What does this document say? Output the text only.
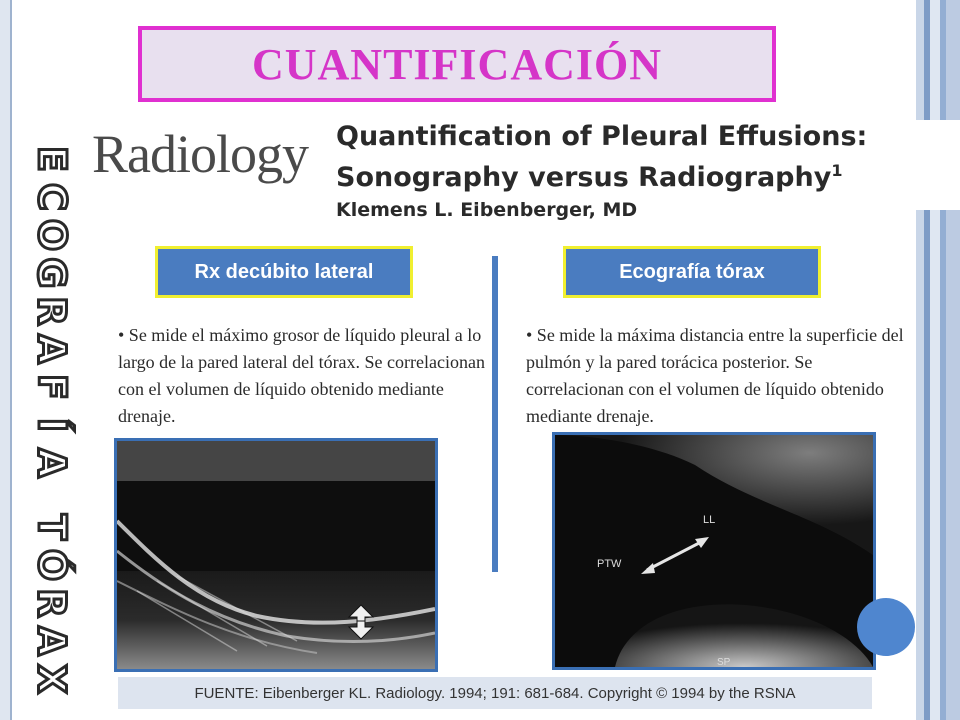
E
C
O
G
R
A
F
Í
A
T
Ó
R
A
X
CUANTIFICACIÓN
Radiology Quantification of Pleural Effusions:
Sonography versus Radiography$^1$
Klemens L. Eibenberger, MD
Rx decúbito lateral	Ecografía tórax
• Se mide el máximo grosor de líquido pleural a lo largo de la pared lateral del tórax. Se correlacionan con el volumen de líquido obtenido mediante drenaje.
• Se mide la máxima distancia entre la superficie del pulmón y la pared torácica posterior. Se correlacionan con el volumen de líquido obtenido mediante drenaje.
LL
PTW
SP
FUENTE: Eibenberger KL. Radiology. 1994; 191: 681-684. Copyright © 1994 by the RSNA
